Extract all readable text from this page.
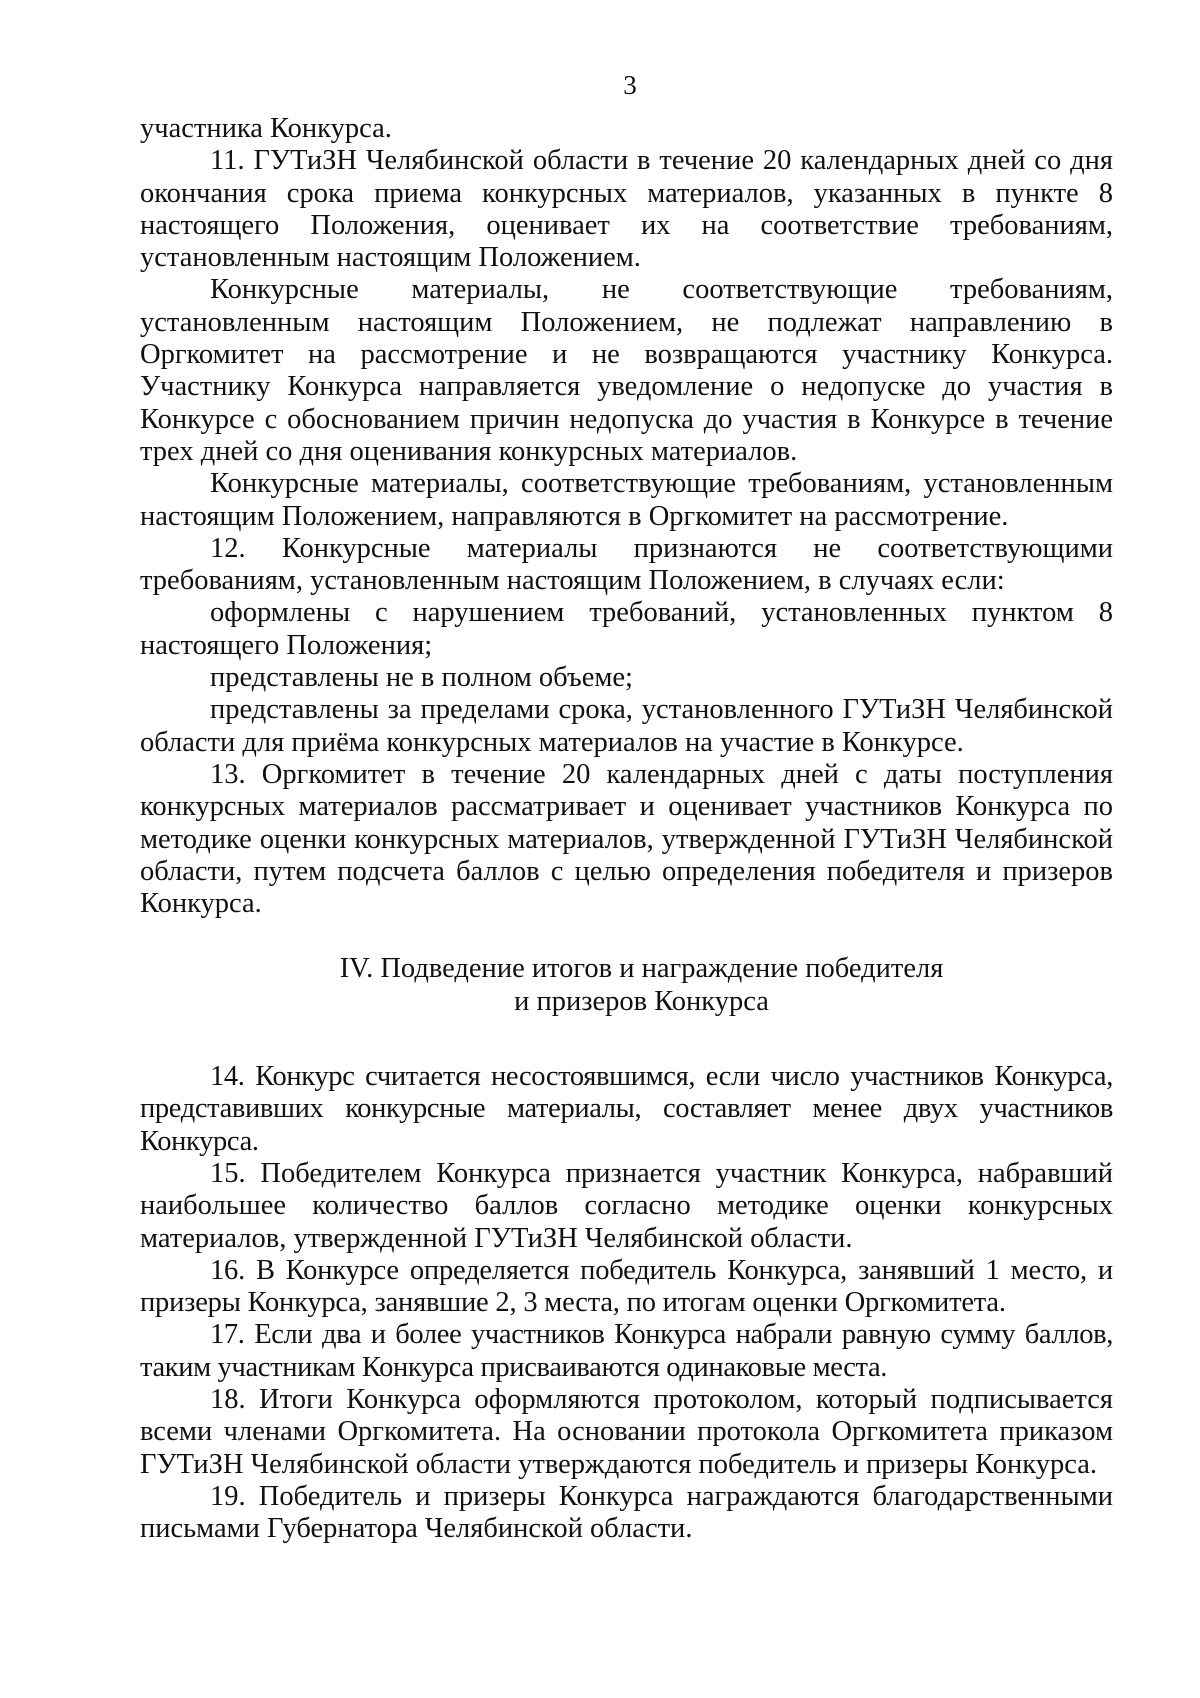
3

участника Конкурса.

11. ГУТиЗН Челябинской области в течение 20 календарных дней со дня окончания срока приема конкурсных материалов, указанных в пункте 8 настоящего Положения, оценивает их на соответствие требованиям, установленным настоящим Положением.

Конкурсные материалы, не соответствующие требованиям, установленным настоящим Положением, не подлежат направлению в Оргкомитет на рассмотрение и не возвращаются участнику Конкурса. Участнику Конкурса направляется уведомление о недопуске до участия в Конкурсе с обоснованием причин недопуска до участия в Конкурсе в течение трех дней со дня оценивания конкурсных материалов.

Конкурсные материалы, соответствующие требованиям, установленным настоящим Положением, направляются в Оргкомитет на рассмотрение.

12. Конкурсные материалы признаются не соответствующими требованиям, установленным настоящим Положением, в случаях если:

оформлены с нарушением требований, установленных пунктом 8 настоящего Положения;

представлены не в полном объеме;

представлены за пределами срока, установленного ГУТиЗН Челябинской области для приёма конкурсных материалов на участие в Конкурсе.

13. Оргкомитет в течение 20 календарных дней с даты поступления конкурсных материалов рассматривает и оценивает участников Конкурса по методике оценки конкурсных материалов, утвержденной ГУТиЗН Челябинской области, путем подсчета баллов с целью определения победителя и призеров Конкурса.

IV. Подведение итогов и награждение победителя
и призеров Конкурса

14. Конкурс считается несостоявшимся, если число участников Конкурса, представивших конкурсные материалы, составляет менее двух участников Конкурса.

15. Победителем Конкурса признается участник Конкурса, набравший наибольшее количество баллов согласно методике оценки конкурсных материалов, утвержденной ГУТиЗН Челябинской области.

16. В Конкурсе определяется победитель Конкурса, занявший 1 место, и призеры Конкурса, занявшие 2, 3 места, по итогам оценки Оргкомитета.

17. Если два и более участников Конкурса набрали равную сумму баллов, таким участникам Конкурса присваиваются одинаковые места.

18. Итоги Конкурса оформляются протоколом, который подписывается всеми членами Оргкомитета. На основании протокола Оргкомитета приказом ГУТиЗН Челябинской области утверждаются победитель и призеры Конкурса.

19. Победитель и призеры Конкурса награждаются благодарственными письмами Губернатора Челябинской области.
